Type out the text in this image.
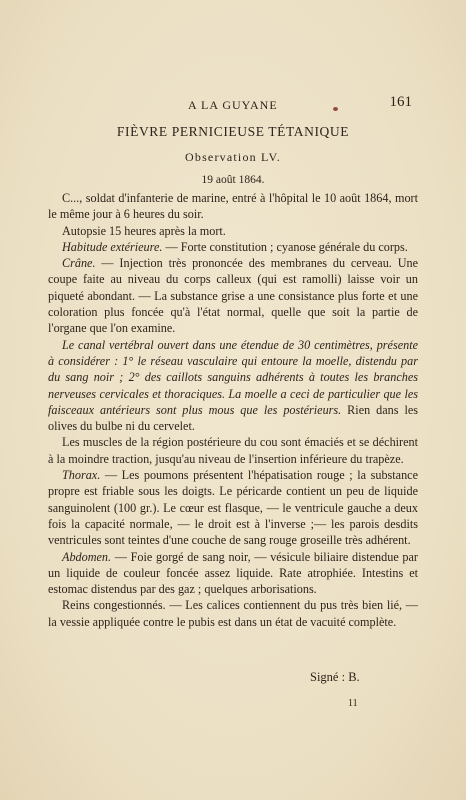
A LA GUYANE	161
FIÈVRE PERNICIEUSE TÉTANIQUE
Observation LV.
19 août 1864.

C..., soldat d'infanterie de marine, entré à l'hôpital le 10 août 1864, mort le même jour à 6 heures du soir.

Autopsie 15 heures après la mort.

Habitude extérieure. — Forte constitution ; cyanose générale du corps.

Crâne. — Injection très prononcée des membranes du cerveau. Une coupe faite au niveau du corps calleux (qui est ramolli) laisse voir un piqueté abondant. — La substance grise a une consistance plus forte et une coloration plus foncée qu'à l'état normal, quelle que soit la partie de l'organe que l'on examine.

Le canal vertébral ouvert dans une étendue de 30 centimètres, présente à considérer : 1° le réseau vasculaire qui entoure la moelle, distendu par du sang noir ; 2° des caillots sanguins adhérents à toutes les branches nerveuses cervicales et thoraciques. La moelle a ceci de particulier que les faisceaux antérieurs sont plus mous que les postérieurs. Rien dans les olives du bulbe ni du cervelet.

Les muscles de la région postérieure du cou sont émaciés et se déchirent à la moindre traction, jusqu'au niveau de l'insertion inférieure du trapèze.

Thorax. — Les poumons présentent l'hépatisation rouge ; la substance propre est friable sous les doigts. Le péricarde contient un peu de liquide sanguinolent (100 gr.). Le cœur est flasque, — le ventricule gauche a deux fois la capacité normale, — le droit est à l'inverse ;— les parois desdits ventricules sont teintes d'une couche de sang rouge groseille très adhérent.

Abdomen. — Foie gorgé de sang noir, — vésicule biliaire distendue par un liquide de couleur foncée assez liquide. Rate atrophiée. Intestins et estomac distendus par des gaz ; quelques arborisations.

Reins congestionnés. — Les calices contiennent du pus très bien lié, — la vessie appliquée contre le pubis est dans un état de vacuité complète.

Signé : B.
11
